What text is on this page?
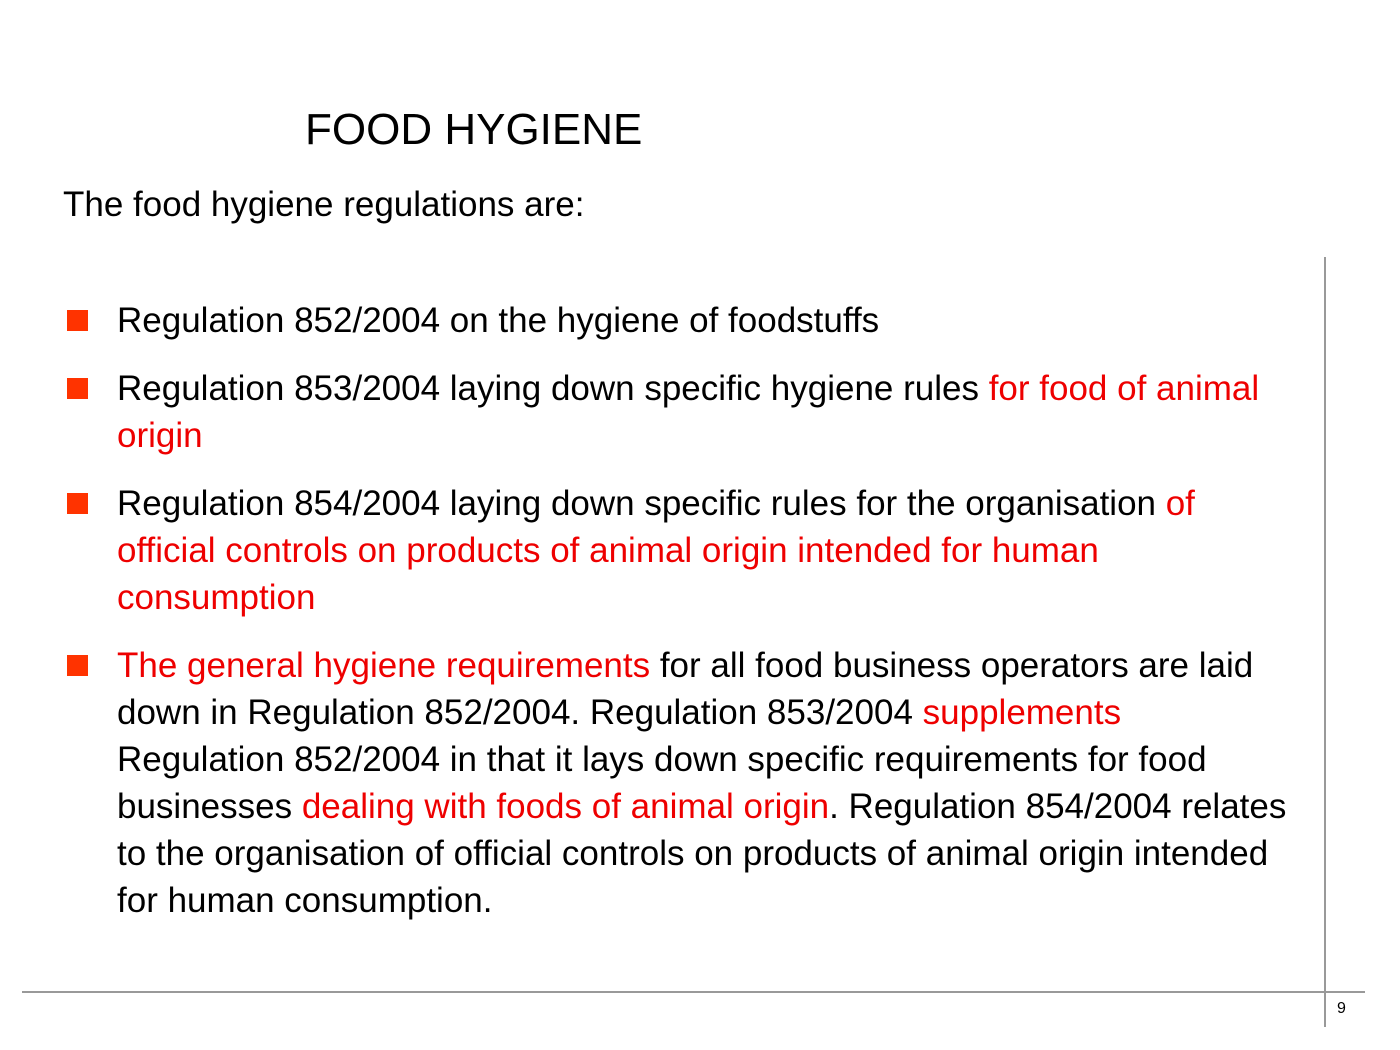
FOOD HYGIENE

The food hygiene regulations are:

Regulation 852/2004 on the hygiene of foodstuffs
Regulation 853/2004 laying down specific hygiene rules for food of animal origin
Regulation 854/2004 laying down specific rules for the organisation of official controls on products of animal origin intended for human consumption
The general hygiene requirements for all food business operators are laid down in Regulation 852/2004. Regulation 853/2004 supplements Regulation 852/2004 in that it lays down specific requirements for food businesses dealing with foods of animal origin. Regulation 854/2004 relates to the organisation of official controls on products of animal origin intended for human consumption.
9
